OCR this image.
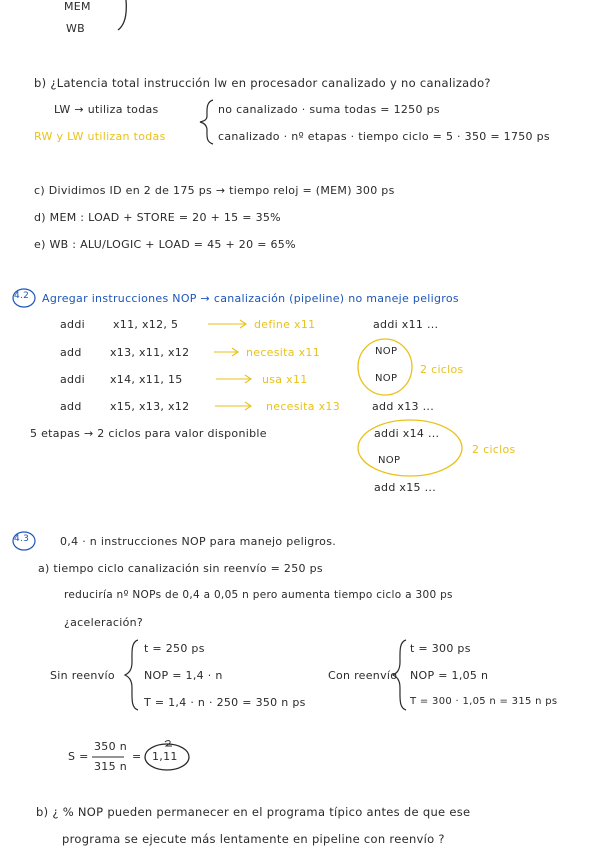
MEM
WB
b) ¿Latencia total instrucción lw en procesador canalizado y no canalizado?
LW → utiliza todas	no canalizado · suma todas = 1250 ps
RW y LW utilizan todas	canalizado · nº etapas · tiempo ciclo = 5 · 350 = 1750 ps
c) Dividimos ID en 2 de 175 ps → tiempo reloj = (MEM) 300 ps
d) MEM : LOAD + STORE = 20 + 15 = 35%
e) WB : ALU/LOGIC + LOAD = 45 + 20 = 65%
4.2 Agregar instrucciones NOP → canalización (pipeline) no maneje peligros
addi	x11, x12, 5	define x11
add	x13, x11, x12	necesita x11
addi x14, x11, 15	usa x11
add	x15, x13, x12	necesita x13
5 etapas → 2 ciclos para valor disponible
addi x11 ...
NOP
NOP
2 ciclos
add x13 ...
addi x14 ...
NOP
2 ciclos
add x15 ...
4.3	0,4 · n instrucciones NOP para manejo peligros.
a) tiempo ciclo canalización sin reenvío = 250 ps
reduciría nº NOPs de 0,4 a 0,05 n pero aumenta tiempo ciclo a 300 ps
¿aceleración?
Sin reenvío
t = 250 ps
NOP = 1,4 · n
T = 1,4 · n · 250 = 350 n ps
Con reenvío
t = 300 ps
NOP = 1,05 n
T = 300 · 1,05 n = 315 n ps
S =
350 n
315 n
= 1,11
b) ¿ % NOP pueden permanecer en el programa típico antes de que ese
programa se ejecute más lentamente en pipeline con reenvío ?
